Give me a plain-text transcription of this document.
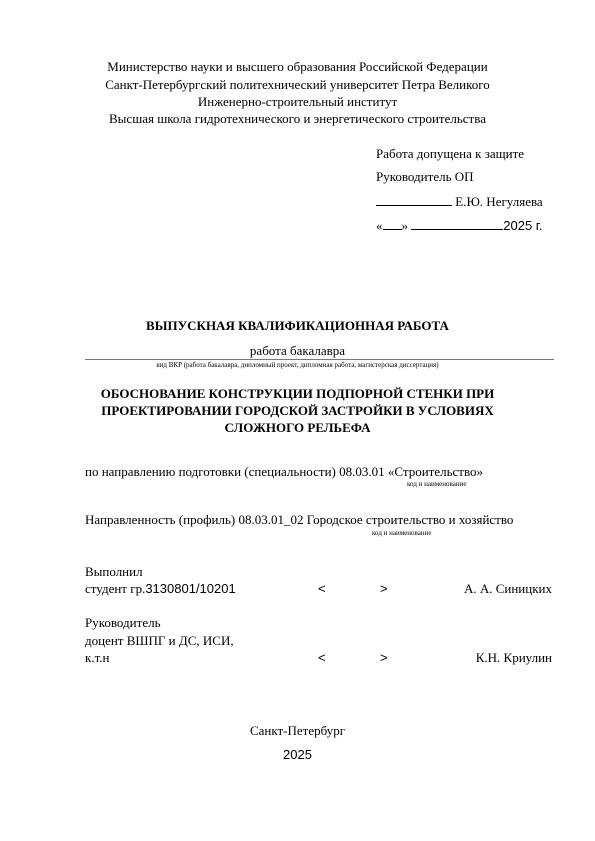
Министерство науки и высшего образования Российской Федерации
Санкт-Петербургский политехнический университет Петра Великого
Инженерно-строительный институт
Высшая школа гидротехнического и энергетического строительства
Работа допущена к защите
Руководитель ОП
Е.Ю. Негуляева
« »	2025 г.
ВЫПУСКНАЯ КВАЛИФИКАЦИОННАЯ РАБОТА
работа бакалавра
вид ВКР (работа бакалавра, дипломный проект, дипломная работа, магистерская диссертация)
ОБОСНОВАНИЕ КОНСТРУКЦИИ ПОДПОРНОЙ СТЕНКИ ПРИ
ПРОЕКТИРОВАНИИ ГОРОДСКОЙ ЗАСТРОЙКИ В УСЛОВИЯХ
СЛОЖНОГО РЕЛЬЕФА
по направлению подготовки (специальности) 08.03.01 «Строительство»
код и наименование
Направленность (профиль) 08.03.01_02 Городское строительство и хозяйство
код и наименование
Выполнил
студент гр.3130801/10201	<	>	А. А. Синицких
Руководитель
доцент ВШПГ и ДС, ИСИ,
к.т.н	<	>	К.Н. Криулин
Санкт-Петербург
2025
